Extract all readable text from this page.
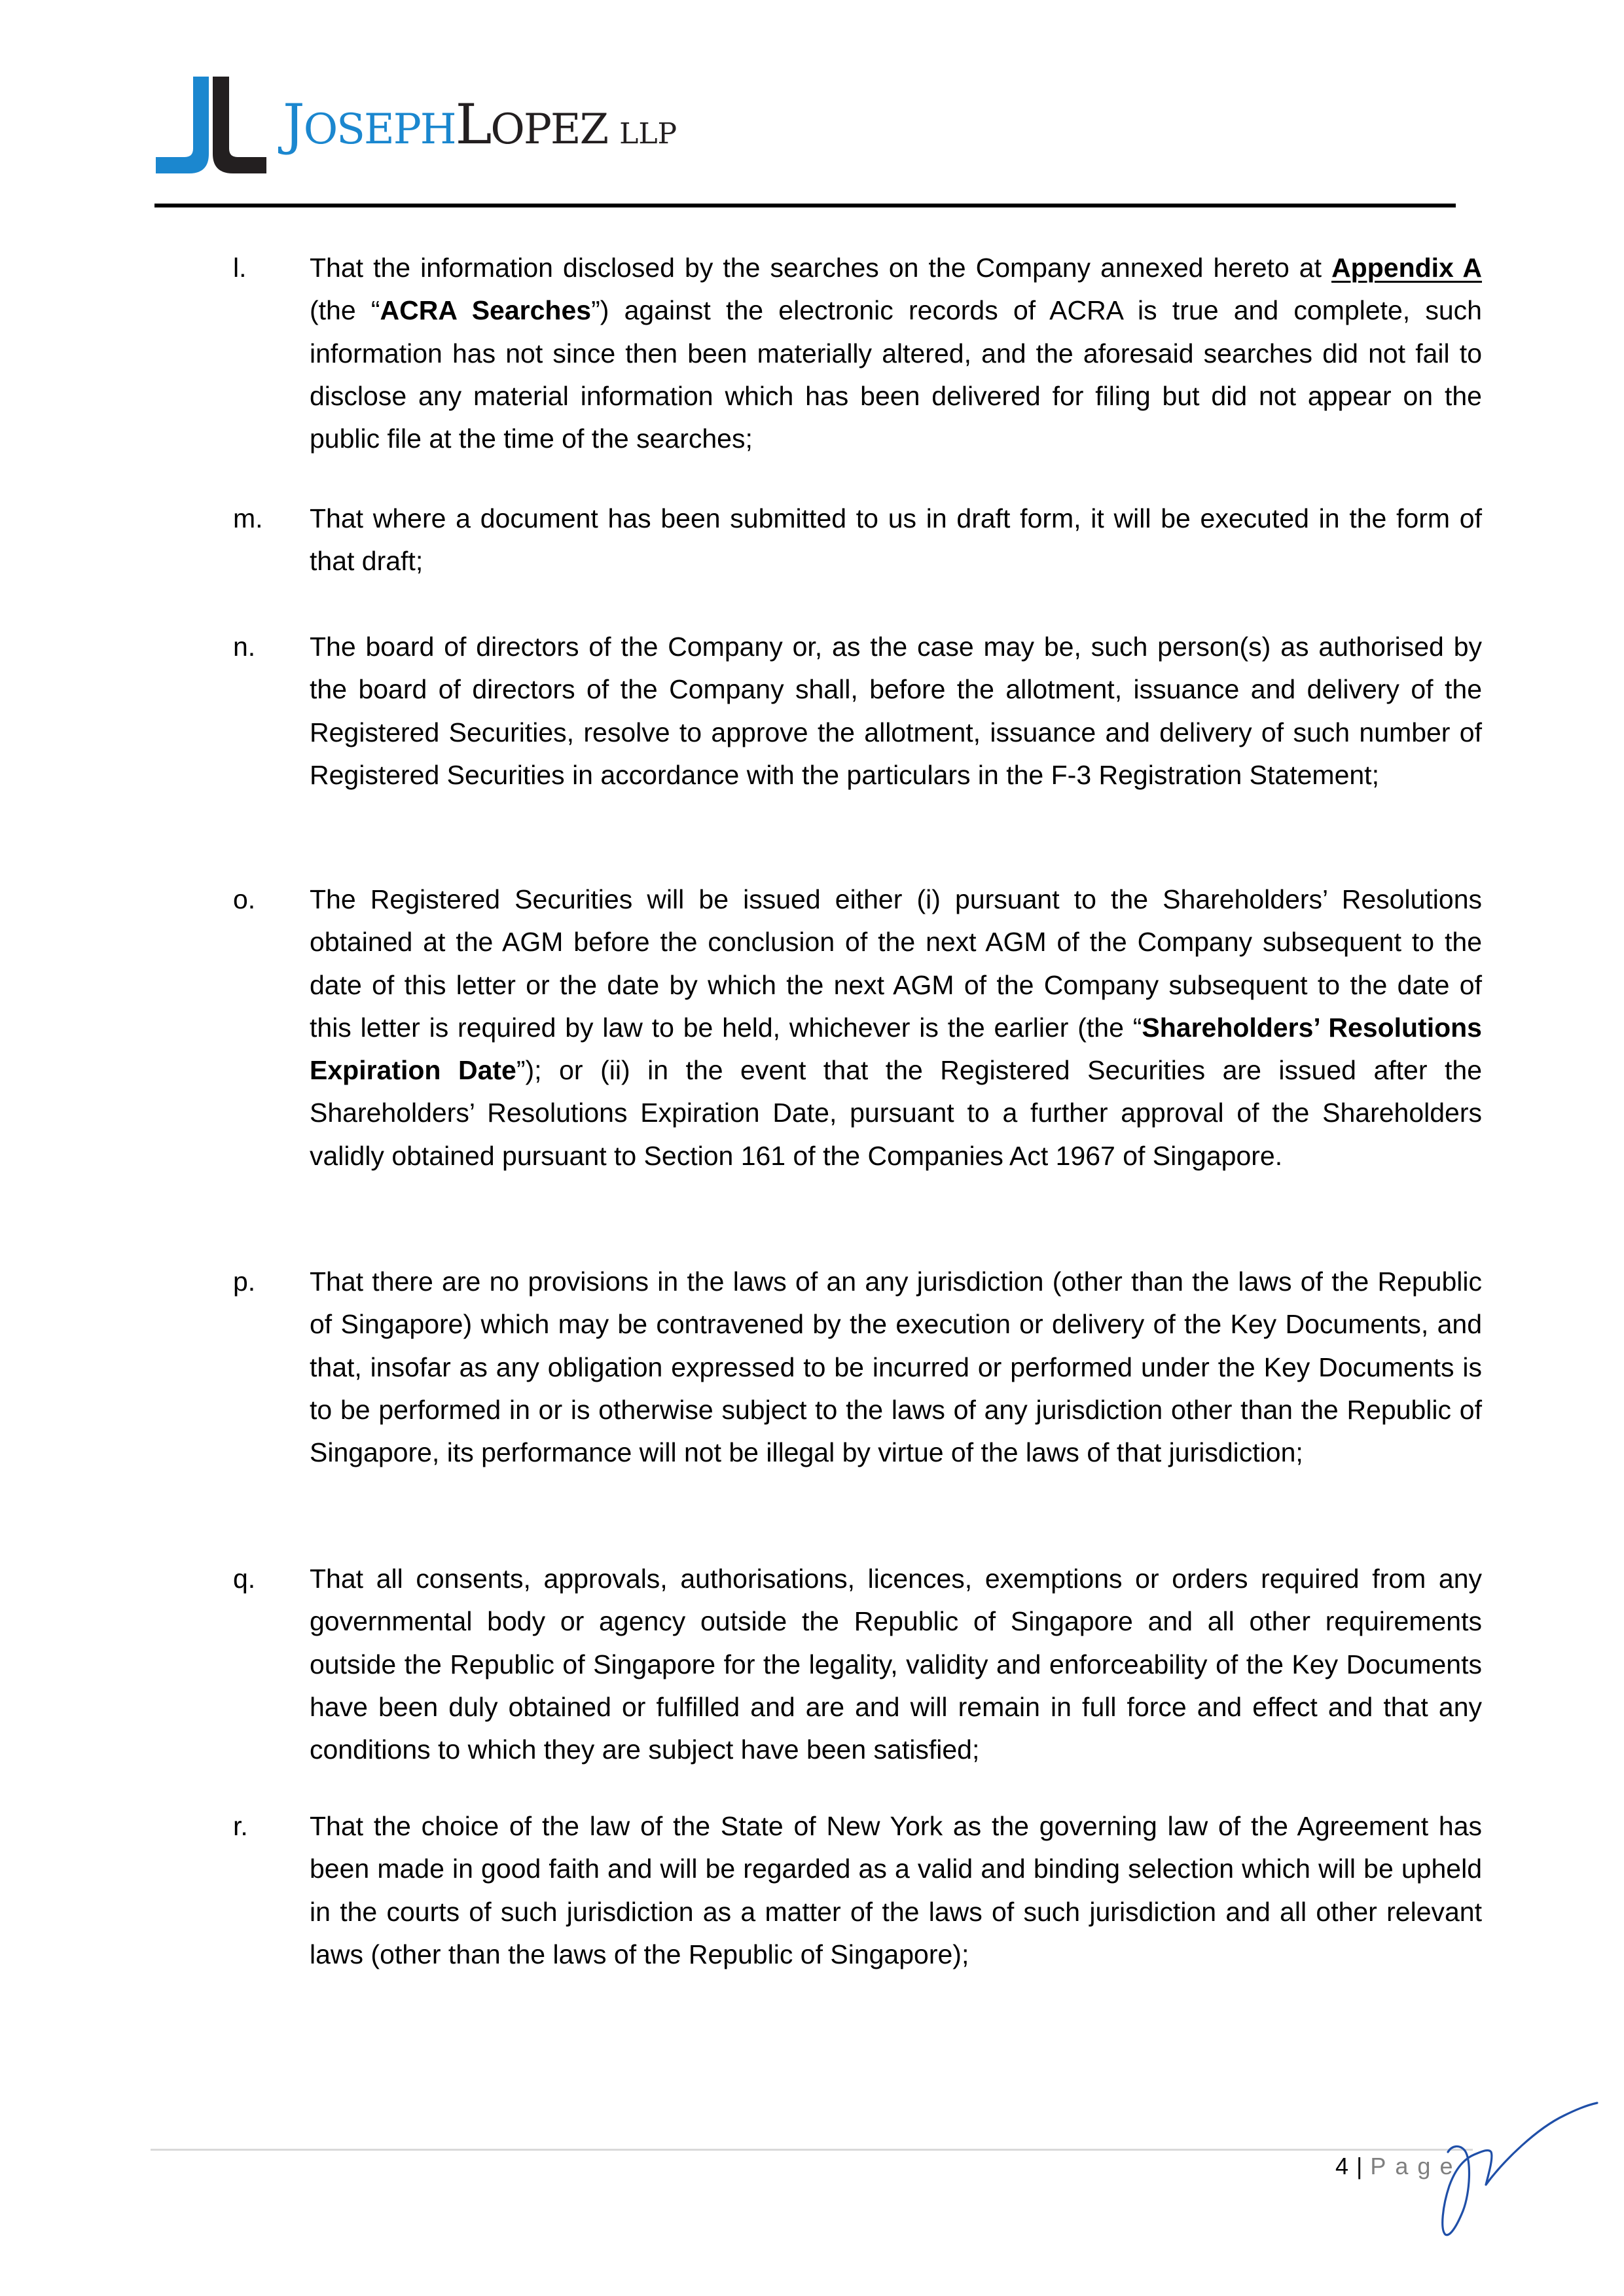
JOSEPHLOPEZ LLP
l.	That the information disclosed by the searches on the Company annexed hereto at Appendix A (the “ACRA Searches”) against the electronic records of ACRA is true and complete, such information has not since then been materially altered, and the aforesaid searches did not fail to disclose any material information which has been delivered for filing but did not appear on the public file at the time of the searches;
m.	That where a document has been submitted to us in draft form, it will be executed in the form of that draft;
n.	The board of directors of the Company or, as the case may be, such person(s) as authorised by the board of directors of the Company shall, before the allotment, issuance and delivery of the Registered Securities, resolve to approve the allotment, issuance and delivery of such number of Registered Securities in accordance with the particulars in the F-3 Registration Statement;
o.	The Registered Securities will be issued either (i) pursuant to the Shareholders’ Resolutions obtained at the AGM before the conclusion of the next AGM of the Company subsequent to the date of this letter or the date by which the next AGM of the Company subsequent to the date of this letter is required by law to be held, whichever is the earlier (the “Shareholders’ Resolutions Expiration Date”); or (ii) in the event that the Registered Securities are issued after the Shareholders’ Resolutions Expiration Date, pursuant to a further approval of the Shareholders validly obtained pursuant to Section 161 of the Companies Act 1967 of Singapore.
p.	That there are no provisions in the laws of an any jurisdiction (other than the laws of the Republic of Singapore) which may be contravened by the execution or delivery of the Key Documents, and that, insofar as any obligation expressed to be incurred or performed under the Key Documents is to be performed in or is otherwise subject to the laws of any jurisdiction other than the Republic of Singapore, its performance will not be illegal by virtue of the laws of that jurisdiction;
q.	That all consents, approvals, authorisations, licences, exemptions or orders required from any governmental body or agency outside the Republic of Singapore and all other requirements outside the Republic of Singapore for the legality, validity and enforceability of the Key Documents have been duly obtained or fulfilled and are and will remain in full force and effect and that any conditions to which they are subject have been satisfied;
r.	That the choice of the law of the State of New York as the governing law of the Agreement has been made in good faith and will be regarded as a valid and binding selection which will be upheld in the courts of such jurisdiction as a matter of the laws of such jurisdiction and all other relevant laws (other than the laws of the Republic of Singapore);
4 | Page
